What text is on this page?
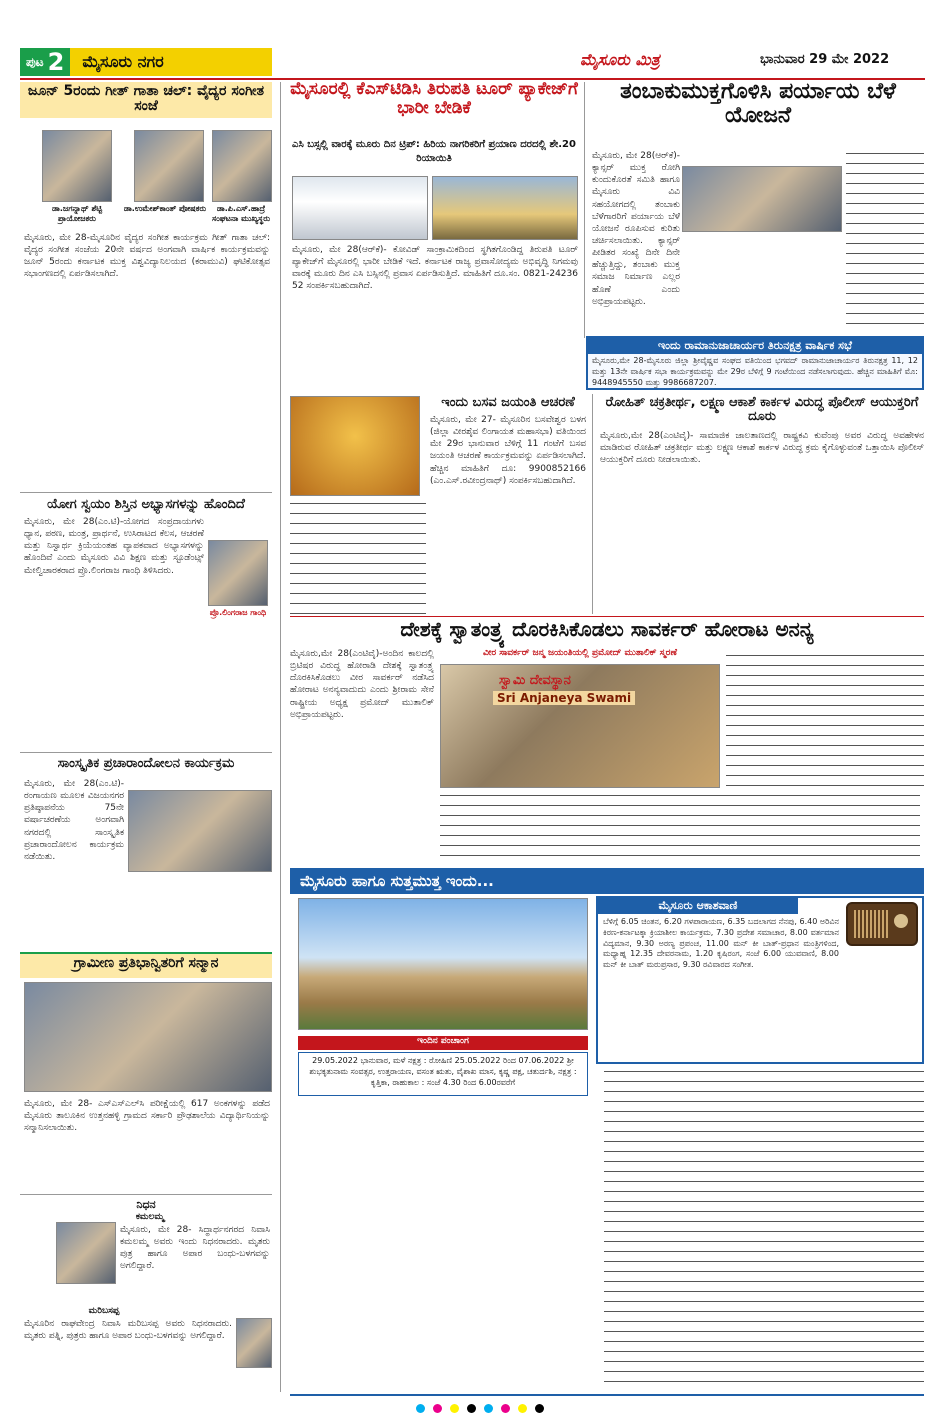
ಪುಟ 2 ಮೈಸೂರು ನಗರ	ಮೈಸೂರು ಮಿತ್ರ	ಭಾನುವಾರ 29 ಮೇ 2022
ಜೂನ್ 5ರಂದು ಗೀತ್ ಗಾತಾ ಚಲ್: ವೈದ್ಯರ ಸಂಗೀತ ಸಂಜೆ
ಡಾ.ಜಗನ್ನಾಥ್ ಶೆಟ್ಟಿ ಪ್ರಾಯೋಜಕರು
ಡಾ.ಉಮೇಶ್‌ಕಾಂತ್ ಪೋಷಕರು	ಡಾ.ಪಿ.ಎಸ್.ಹಾದ್ರೆ ಸಂಘಟನಾ ಮುಖ್ಯಸ್ಥರು
ಮೈಸೂರು, ಮೇ 28-ಮೈಸೂರಿನ ವೈದ್ಯರ ಸಂಗೀತ ಕಾರ್ಯಕ್ರಮ ಗೀತ್ ಗಾತಾ ಚಲ್: ವೈದ್ಯರ ಸಂಗೀತ ಸಂಜೆಯ 20ನೇ ವರ್ಷದ ಅಂಗವಾಗಿ ವಾರ್ಷಿಕ ಕಾರ್ಯಕ್ರಮವನ್ನು ಜೂನ್ 5ರಂದು ಕರ್ನಾಟಕ ಮುಕ್ತ ವಿಶ್ವವಿದ್ಯಾನಿಲಯದ (ಕರಾಮುವಿ) ಘಟಿಕೋತ್ಸವ ಸಭಾಂಗಣದಲ್ಲಿ ಏರ್ಪಡಿಸಲಾಗಿದೆ.
ಯೋಗ ಸ್ವಯಂ ಶಿಸ್ತಿನ ಅಭ್ಯಾಸಗಳನ್ನು ಹೊಂದಿದೆ
ಪ್ರೊ.ಲಿಂಗರಾಜ ಗಾಂಧಿ
ಮೈಸೂರು, ಮೇ 28(ಎಂ.ಟಿ)-ಯೋಗದ ಸಂಪ್ರದಾಯಗಳು ಧ್ಯಾನ, ಪಠಣ, ಮಂತ್ರ, ಪ್ರಾರ್ಥನೆ, ಉಸಿರಾಟದ ಕೆಲಸ, ಆಚರಣೆ ಮತ್ತು ನಿಸ್ವಾರ್ಥ ಕ್ರಿಯೆಯಂತಹ ವ್ಯಾಪಕವಾದ ಅಭ್ಯಾಸಗಳನ್ನು ಹೊಂದಿವೆ ಎಂದು ಮೈಸೂರು ವಿವಿ ಶಿಕ್ಷಣ ಮತ್ತು ಸ್ಟೂಡೆಂಟ್ಸ್ ಮೇಲ್ವಿಚಾರಕರಾದ ಪ್ರೊ.ಲಿಂಗರಾಜ ಗಾಂಧಿ ತಿಳಿಸಿದರು.
ಸಾಂಸ್ಕೃತಿಕ ಪ್ರಚಾರಾಂದೋಲನ ಕಾರ್ಯಕ್ರಮ
ಮೈಸೂರು, ಮೇ 28(ಎಂ.ಟಿ)- ರಂಗಾಯಣ ಮೂಲಕ ವಿಜಯನಗರ ಪ್ರತಿಷ್ಠಾಪನೆಯ 75ನೇ ವರ್ಷಾಚರಣೆಯ ಅಂಗವಾಗಿ ನಗರದಲ್ಲಿ ಸಾಂಸ್ಕೃತಿಕ ಪ್ರಚಾರಾಂದೋಲನ ಕಾರ್ಯಕ್ರಮ ನಡೆಯಿತು.
ಗ್ರಾಮೀಣ ಪ್ರತಿಭಾನ್ವಿತರಿಗೆ ಸನ್ಮಾನ
ಮೈಸೂರು, ಮೇ 28- ಎಸ್ಎಸ್ಎಲ್‌ಸಿ ಪರೀಕ್ಷೆಯಲ್ಲಿ 617 ಅಂಕಗಳನ್ನು ಪಡೆದ ಮೈಸೂರು ತಾಲೂಕಿನ ಉತ್ತನಹಳ್ಳಿ ಗ್ರಾಮದ ಸರ್ಕಾರಿ ಪ್ರೌಢಶಾಲೆಯ ವಿದ್ಯಾರ್ಥಿನಿಯನ್ನು ಸನ್ಮಾನಿಸಲಾಯಿತು.
ನಿಧನ
ಕಮಲಮ್ಮ
ಮೈಸೂರು, ಮೇ 28- ಸಿದ್ಧಾರ್ಥನಗರದ ನಿವಾಸಿ ಕಮಲಮ್ಮ ಅವರು ಇಂದು ನಿಧನರಾದರು. ಮೃತರು ಪುತ್ರ ಹಾಗೂ ಅಪಾರ ಬಂಧು-ಬಳಗವನ್ನು ಅಗಲಿದ್ದಾರೆ.
ಮರಿಬಸಪ್ಪ
ಮೈಸೂರಿನ ರಾಘವೇಂದ್ರ ನಿವಾಸಿ ಮರಿಬಸಪ್ಪ ಅವರು ನಿಧನರಾದರು. ಮೃತರು ಪತ್ನಿ, ಪುತ್ರರು ಹಾಗೂ ಅಪಾರ ಬಂಧು-ಬಳಗವನ್ನು ಅಗಲಿದ್ದಾರೆ.
ಮೈಸೂರಲ್ಲಿ ಕೆಎಸ್‌ಟಿಡಿಸಿ ತಿರುಪತಿ ಟೂರ್ ಪ್ಯಾಕೇಜ್‌ಗೆ ಭಾರೀ ಬೇಡಿಕೆ
ಎಸಿ ಬಸ್ಸಲ್ಲಿ ವಾರಕ್ಕೆ ಮೂರು ದಿನ ಟ್ರಿಪ್: ಹಿರಿಯ ನಾಗರಿಕರಿಗೆ ಪ್ರಯಾಣ ದರದಲ್ಲಿ ಶೇ.20 ರಿಯಾಯಿತಿ
ಮೈಸೂರು, ಮೇ 28(ಆರ್‌ಕೆ)- ಕೋವಿಡ್ ಸಾಂಕ್ರಾಮಿಕದಿಂದ ಸ್ಥಗಿತಗೊಂಡಿದ್ದ ತಿರುಪತಿ ಟೂರ್ ಪ್ಯಾಕೇಜ್‌ಗೆ ಮೈಸೂರಲ್ಲಿ ಭಾರೀ ಬೇಡಿಕೆ ಇದೆ. ಕರ್ನಾಟಕ ರಾಜ್ಯ ಪ್ರವಾಸೋದ್ಯಮ ಅಭಿವೃದ್ಧಿ ನಿಗಮವು ವಾರಕ್ಕೆ ಮೂರು ದಿನ ಎಸಿ ಬಸ್ಸಿನಲ್ಲಿ ಪ್ರವಾಸ ಏರ್ಪಡಿಸುತ್ತಿದೆ. ಮಾಹಿತಿಗೆ ದೂ.ಸಂ. 0821-24236 52 ಸಂಪರ್ಕಿಸಬಹುದಾಗಿದೆ.
ತಂಬಾಕುಮುಕ್ತಗೊಳಿಸಿ ಪರ್ಯಾಯ ಬೆಳೆ ಯೋಜನೆ
ಮೈಸೂರು, ಮೇ 28(ಆರ್‌ಕೆ)- ಕ್ಯಾನ್ಸರ್ ಮುಕ್ತ ರೋಗಿ ಕುಂದುಕೊರತೆ ಸಮಿತಿ ಹಾಗೂ ಮೈಸೂರು ವಿವಿ ಸಹಯೋಗದಲ್ಲಿ ತಂಬಾಕು ಬೆಳೆಗಾರರಿಗೆ ಪರ್ಯಾಯ ಬೆಳೆ ಯೋಜನೆ ರೂಪಿಸುವ ಕುರಿತು ಚರ್ಚಿಸಲಾಯಿತು. ಕ್ಯಾನ್ಸರ್ ಪೀಡಿತರ ಸಂಖ್ಯೆ ದಿನೇ ದಿನೇ ಹೆಚ್ಚುತ್ತಿದ್ದು, ತಂಬಾಕು ಮುಕ್ತ ಸಮಾಜ ನಿರ್ಮಾಣ ಎಲ್ಲರ ಹೊಣೆ ಎಂದು ಅಭಿಪ್ರಾಯಪಟ್ಟರು.
ಇಂದು ರಾಮಾನುಜಾಚಾರ್ಯರ ತಿರುನಕ್ಷತ್ರ ವಾರ್ಷಿಕ ಸಭೆ
ಮೈಸೂರು,ಮೇ 28-ಮೈಸೂರು ಜಿಲ್ಲಾ ಶ್ರೀವೈಷ್ಣವ ಸಂಘದ ವತಿಯಿಂದ ಭಗವದ್ ರಾಮಾನುಜಾಚಾರ್ಯರ ತಿರುನಕ್ಷತ್ರ 11, 12 ಮತ್ತು 13ನೇ ವಾರ್ಷಿಕ ಸಭಾ ಕಾರ್ಯಕ್ರಮವನ್ನು ಮೇ 29ರ ಬೆಳಿಗ್ಗೆ 9 ಗಂಟೆಯಿಂದ ನಡೆಸಲಾಗುವುದು. ಹೆಚ್ಚಿನ ಮಾಹಿತಿಗೆ ಮೊ: 9448945550 ಮತ್ತು 9986687207.
ಇಂದು ಬಸವ ಜಯಂತಿ ಆಚರಣೆ
ಮೈಸೂರು, ಮೇ 27- ಮೈಸೂರಿನ ಬಸವೇಶ್ವರ ಬಳಗ (ಜಿಲ್ಲಾ ವೀರಶೈವ ಲಿಂಗಾಯತ ಮಹಾಸಭಾ) ವತಿಯಿಂದ ಮೇ 29ರ ಭಾನುವಾರ ಬೆಳಿಗ್ಗೆ 11 ಗಂಟೆಗೆ ಬಸವ ಜಯಂತಿ ಆಚರಣೆ ಕಾರ್ಯಕ್ರಮವನ್ನು ಏರ್ಪಡಿಸಲಾಗಿದೆ. ಹೆಚ್ಚಿನ ಮಾಹಿತಿಗೆ ದೂ: 9900852166 (ಎಂ.ಎಸ್.ರವೀಂದ್ರನಾಥ್) ಸಂಪರ್ಕಿಸಬಹುದಾಗಿದೆ.
ರೋಹಿತ್ ಚಕ್ರತೀರ್ಥ, ಲಕ್ಷ್ಮಣ ಆಕಾಶೆ ಕಾರ್ಕಳ ವಿರುದ್ಧ ಪೊಲೀಸ್ ಆಯುಕ್ತರಿಗೆ ದೂರು
ಮೈಸೂರು,ಮೇ 28(ಎಂಟಿವೈ)- ಸಾಮಾಜಿಕ ಜಾಲತಾಣದಲ್ಲಿ ರಾಷ್ಟ್ರಕವಿ ಕುವೆಂಪು ಅವರ ವಿರುದ್ಧ ಅವಹೇಳನ ಮಾಡಿರುವ ರೋಹಿತ್ ಚಕ್ರತೀರ್ಥ ಮತ್ತು ಲಕ್ಷ್ಮಣ ಆಕಾಶೆ ಕಾರ್ಕಳ ವಿರುದ್ಧ ಕ್ರಮ ಕೈಗೊಳ್ಳುವಂತೆ ಒತ್ತಾಯಿಸಿ ಪೊಲೀಸ್ ಆಯುಕ್ತರಿಗೆ ದೂರು ನೀಡಲಾಯಿತು.
ದೇಶಕ್ಕೆ ಸ್ವಾತಂತ್ರ್ಯ ದೊರಕಿಸಿಕೊಡಲು ಸಾವರ್ಕರ್ ಹೋರಾಟ ಅನನ್ಯ
ಮೈಸೂರು,ಮೇ 28(ಎಂಟಿವೈ)-ಅಂದಿನ ಕಾಲದಲ್ಲಿ ಬ್ರಿಟಿಷರ ವಿರುದ್ಧ ಹೋರಾಡಿ ದೇಶಕ್ಕೆ ಸ್ವಾತಂತ್ರ್ಯ ದೊರಕಿಸಿಕೊಡಲು ವೀರ ಸಾವರ್ಕರ್ ನಡೆಸಿದ ಹೋರಾಟ ಅನನ್ಯವಾದುದು ಎಂದು ಶ್ರೀರಾಮ ಸೇನೆ ರಾಷ್ಟ್ರೀಯ ಅಧ್ಯಕ್ಷ ಪ್ರಮೋದ್ ಮುತಾಲಿಕ್ ಅಭಿಪ್ರಾಯಪಟ್ಟರು.
ವೀರ ಸಾವರ್ಕರ್ ಜನ್ಮ ಜಯಂತಿಯಲ್ಲಿ ಪ್ರಮೋದ್ ಮುತಾಲಿಕ್ ಸ್ಮರಣೆ
ಸ್ವಾಮಿ ದೇವಸ್ಥಾನ
Sri Anjaneya Swami
ಮೈಸೂರು ಹಾಗೂ ಸುತ್ತಮುತ್ತ ಇಂದು...
ಮೈಸೂರು ಆಕಾಶವಾಣಿ
ಬೆಳಿಗ್ಗೆ 6.05 ಚಿಂತನ, 6.20 ಗಳಪಾರಾಯಣ, 6.35 ಬದಲಾಗದ ನೆನಪು, 6.40 ಅರಿವಿನ ಕಿರಣ-ಕರ್ನಾಟಕ್ಕಾ ಕ್ರಿಯಾಶೀಲ ಕಾರ್ಯಕ್ರಮ, 7.30 ಪ್ರದೇಶ ಸಮಾಚಾರ, 8.00 ವರ್ತಮಾನ ವಿದ್ಯಮಾನ, 9.30 ಅರಣ್ಯ ಪ್ರಪಂಚ, 11.00 ಮನ್ ಕೀ ಬಾತ್-ಪ್ರಧಾನ ಮಂತ್ರಿಗಳಿಂದ, ಮಧ್ಯಾಹ್ನ 12.35 ದೇವರನಾಮ, 1.20 ಕೃಷಿರಂಗ, ಸಂಜೆ 6.00 ಯುವವಾಣಿ, 8.00 ಮನ್ ಕೀ ಬಾತ್ ಮರುಪ್ರಸಾರ, 9.30 ರವಿವಾರದ ಸಂಗೀತ.
ಇಂದಿನ ಪಂಚಾಂಗ
29.05.2022 ಭಾನುವಾರ, ಮಳೆ ನಕ್ಷತ್ರ : ರೋಹಿಣಿ 25.05.2022 ರಿಂದ 07.06.2022 ಶ್ರೀ ಶುಭಕೃತುನಾಮ ಸಂವತ್ಸರ, ಉತ್ತರಾಯಣ, ವಸಂತ ಋತು, ವೈಶಾಖ ಮಾಸ, ಕೃಷ್ಣ ಪಕ್ಷ, ಚತುರ್ದಶಿ, ನಕ್ಷತ್ರ : ಕೃತ್ತಿಕಾ, ರಾಹುಕಾಲ : ಸಂಜೆ 4.30 ರಿಂದ 6.00ರವರೆಗೆ
